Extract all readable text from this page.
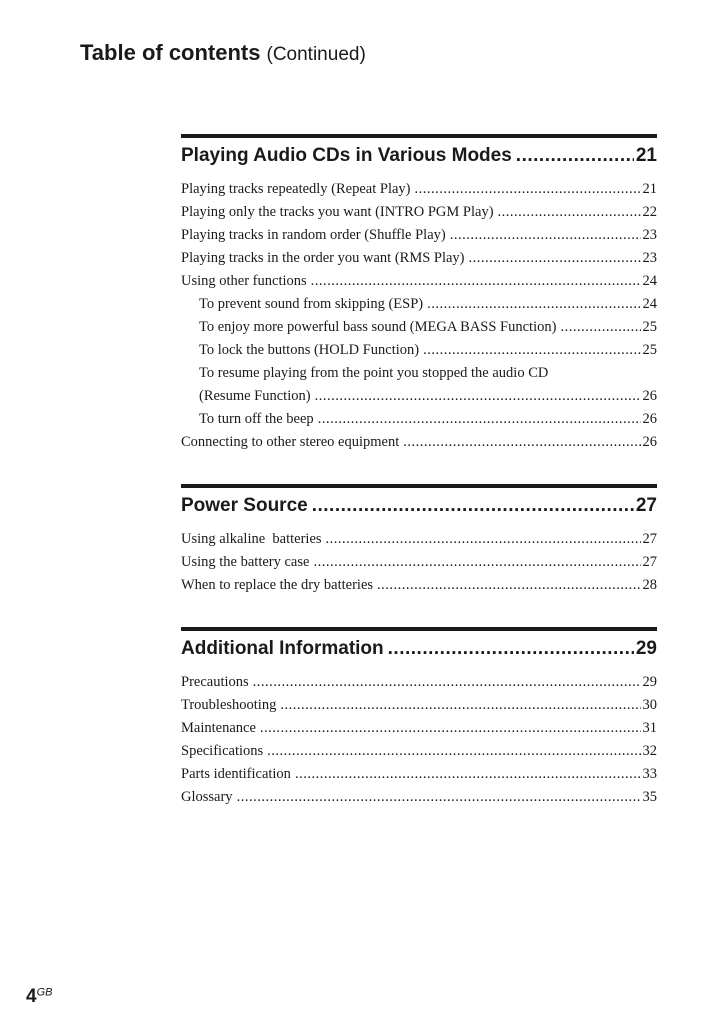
Table of contents (Continued)
Playing Audio CDs in Various Modes .....	21
Playing tracks repeatedly (Repeat Play) .....	21
Playing only the tracks you want (INTRO PGM Play) .....	22
Playing tracks in random order (Shuffle Play) .....	23
Playing tracks in the order you want (RMS Play) .....	23
Using other functions .....	24
To prevent sound from skipping (ESP) .....	24
To enjoy more powerful bass sound (MEGA BASS Function) .....	25
To lock the buttons (HOLD Function) .....	25
To resume playing from the point you stopped the audio CD
(Resume Function) .....	26
To turn off the beep .....	26
Connecting to other stereo equipment .....	26
Power Source .....	27
Using alkaline  batteries .....	27
Using the battery case .....	27
When to replace the dry batteries .....	28
Additional Information .....	29
Precautions .....	29
Troubleshooting .....	30
Maintenance .....	31
Specifications .....	32
Parts identification .....	33
Glossary .....	35
$4^{GB}$
